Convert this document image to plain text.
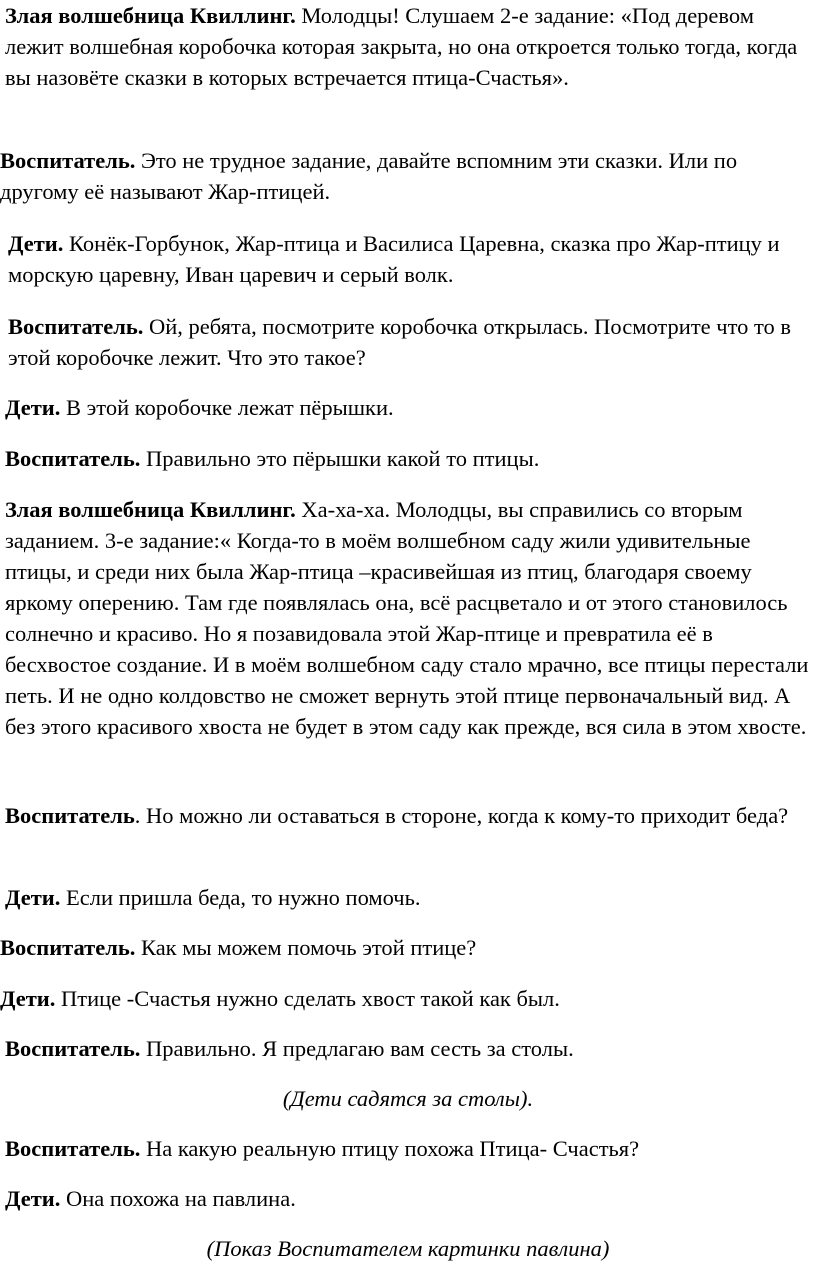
Злая волшебница Квиллинг. Молодцы! Слушаем 2-е задание: «Под деревом лежит волшебная коробочка которая закрыта, но она откроется только тогда, когда вы назовёте сказки в которых встречается птица-Счастья».

Воспитатель. Это не трудное задание, давайте вспомним эти сказки. Или по другому её называют Жар-птицей.

Дети. Конёк-Горбунок, Жар-птица и Василиса Царевна, сказка про Жар-птицу и морскую царевну, Иван царевич и серый волк.

Воспитатель. Ой, ребята, посмотрите коробочка открылась. Посмотрите что то в этой коробочке лежит. Что это такое?

Дети. В этой коробочке лежат пёрышки.

Воспитатель. Правильно это пёрышки какой то птицы.

Злая волшебница Квиллинг. Ха-ха-ха. Молодцы, вы справились со вторым заданием. 3-е задание:« Когда-то в моём волшебном саду жили удивительные птицы, и среди них была Жар-птица –красивейшая из птиц, благодаря своему яркому оперению. Там где появлялась она, всё расцветало и от этого становилось солнечно и красиво. Но я позавидовала этой Жар-птице и превратила её в бесхвостое создание. И в моём волшебном саду стало мрачно, все птицы перестали петь. И не одно колдовство не сможет вернуть этой птице первоначальный вид. А без этого красивого хвоста не будет в этом саду как прежде, вся сила в этом хвосте.

Воспитатель. Но можно ли оставаться в стороне, когда к кому-то приходит беда?

Дети. Если пришла беда, то нужно помочь.

Воспитатель. Как мы можем помочь этой птице?

Дети. Птице -Счастья нужно сделать хвост такой как был.

Воспитатель. Правильно. Я предлагаю вам сесть за столы.

(Дети садятся за столы).

Воспитатель. На какую реальную птицу похожа Птица- Счастья?

Дети. Она похожа на павлина.

(Показ Воспитателем картинки павлина)
